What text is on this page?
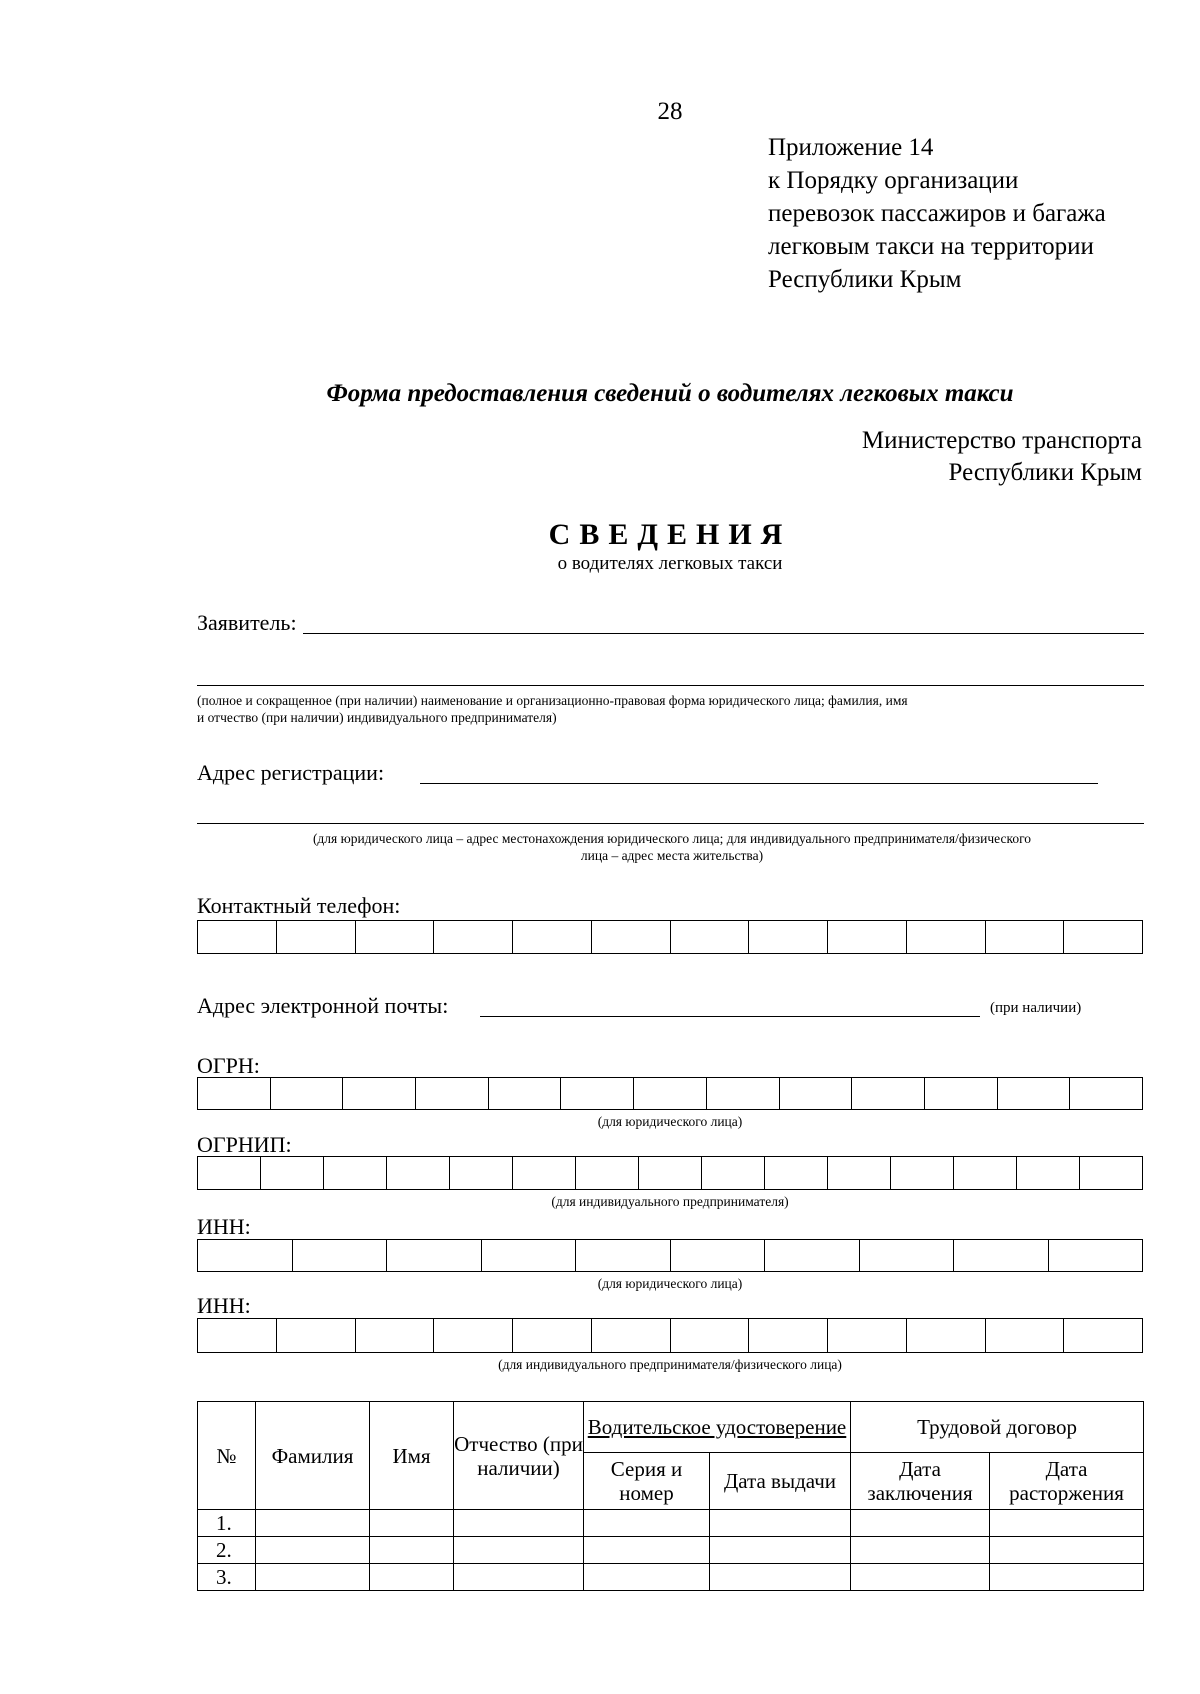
28
Приложение 14
к Порядку организации
перевозок пассажиров и багажа
легковым такси на территории
Республики Крым
Форма предоставления сведений о водителях легковых такси
Министерство транспорта
Республики Крым
СВЕДЕНИЯ
о водителях легковых такси
Заявитель:
(полное и сокращенное (при наличии) наименование и организационно-правовая форма юридического лица; фамилия, имя
и отчество (при наличии) индивидуального предпринимателя)
Адрес регистрации:
(для юридического лица – адрес местонахождения юридического лица; для индивидуального предпринимателя/физического
лица – адрес места жительства)
Контактный телефон:
Адрес электронной почты:	(при наличии)
ОГРН:
(для юридического лица)
ОГРНИП:
(для индивидуального предпринимателя)
ИНН:
(для юридического лица)
ИНН:
(для индивидуального предпринимателя/физического лица)
№	Фамилия	Имя	Отчество (при наличии)	Водительское удостоверение		Трудовой договор	
				Серия и номер	Дата выдачи	Дата заключения	Дата расторжения
1.							
2.							
3.							
